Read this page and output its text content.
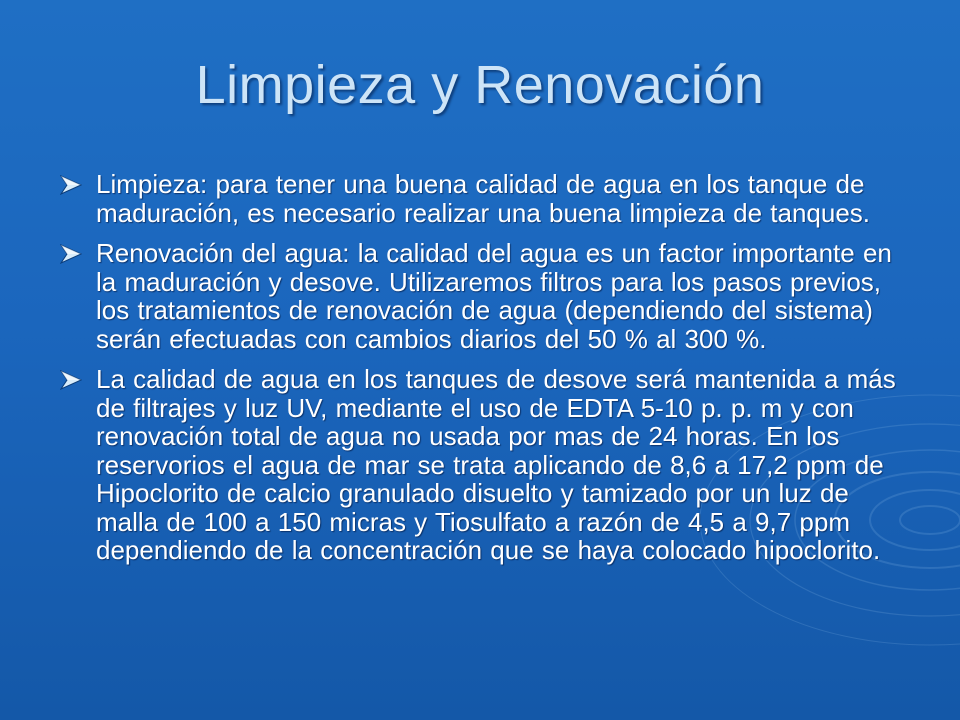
Limpieza y Renovación
Limpieza: para tener una buena calidad de agua en los tanque de maduración, es necesario realizar una buena limpieza de tanques.
Renovación del agua: la calidad del agua es un factor importante en la maduración y desove. Utilizaremos filtros para los pasos previos, los tratamientos de renovación de agua (dependiendo del sistema) serán efectuadas con cambios diarios del 50 % al 300 %.
La calidad de agua en los tanques de desove será mantenida a más de filtrajes y luz UV, mediante el uso de EDTA 5-10 p. p. m y con renovación total de agua no usada por mas de 24 horas. En los reservorios el agua de mar se trata aplicando de 8,6 a 17,2 ppm de Hipoclorito de calcio granulado disuelto y tamizado por un luz de malla de 100 a 150 micras y Tiosulfato a razón de 4,5 a 9,7 ppm dependiendo de la concentración que se haya colocado hipoclorito.
